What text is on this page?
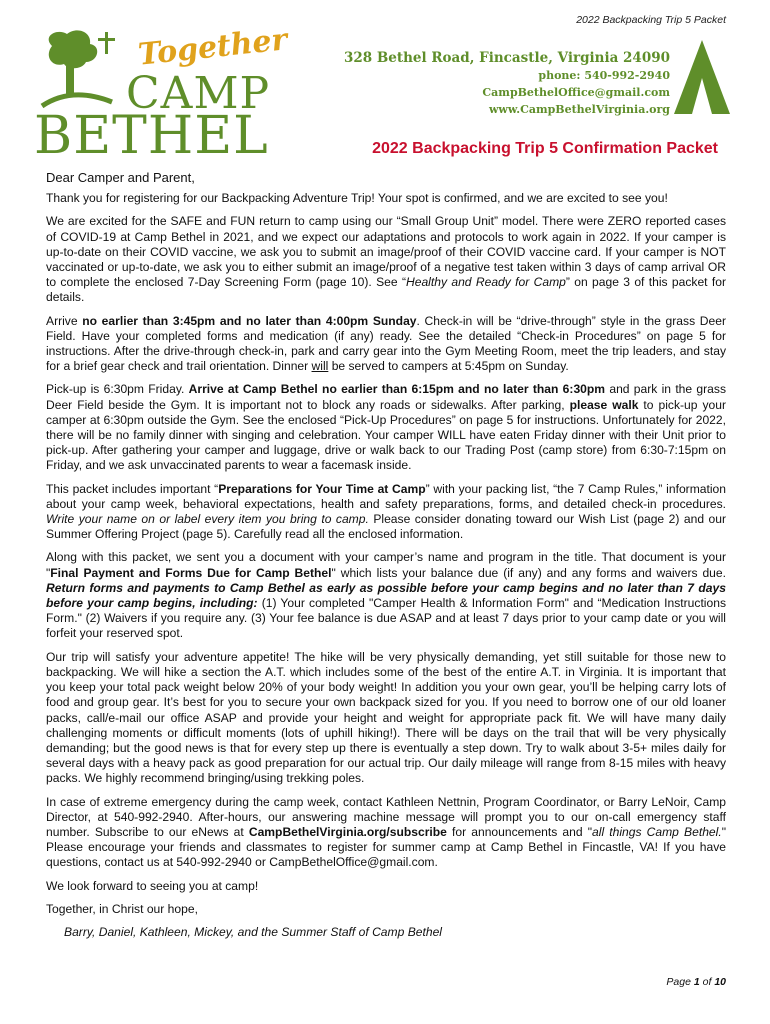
2022 Backpacking Trip 5 Packet
Together
CAMP
BETHEL
328 Bethel Road, Fincastle, Virginia 24090
phone: 540-992-2940
CampBethelOffice@gmail.com
www.CampBethelVirginia.org
2022 Backpacking Trip 5 Confirmation Packet

Dear Camper and Parent,

Thank you for registering for our Backpacking Adventure Trip! Your spot is confirmed, and we are excited to see you!

We are excited for the SAFE and FUN return to camp using our “Small Group Unit” model. There were ZERO reported cases of COVID-19 at Camp Bethel in 2021, and we expect our adaptations and protocols to work again in 2022. If your camper is up-to-date on their COVID vaccine, we ask you to submit an image/proof of their COVID vaccine card. If your camper is NOT vaccinated or up-to-date, we ask you to either submit an image/proof of a negative test taken within 3 days of camp arrival OR to complete the enclosed 7-Day Screening Form (page 10). See “Healthy and Ready for Camp” on page 3 of this packet for details.

Arrive no earlier than 3:45pm and no later than 4:00pm Sunday. Check-in will be “drive-through” style in the grass Deer Field. Have your completed forms and medication (if any) ready. See the detailed “Check-in Procedures” on page 5 for instructions. After the drive-through check-in, park and carry gear into the Gym Meeting Room, meet the trip leaders, and stay for a brief gear check and trail orientation. Dinner will be served to campers at 5:45pm on Sunday.

Pick-up is 6:30pm Friday. Arrive at Camp Bethel no earlier than 6:15pm and no later than 6:30pm and park in the grass Deer Field beside the Gym. It is important not to block any roads or sidewalks. After parking, please walk to pick-up your camper at 6:30pm outside the Gym. See the enclosed “Pick-Up Procedures” on page 5 for instructions. Unfortunately for 2022, there will be no family dinner with singing and celebration. Your camper WILL have eaten Friday dinner with their Unit prior to pick-up. After gathering your camper and luggage, drive or walk back to our Trading Post (camp store) from 6:30-7:15pm on Friday, and we ask unvaccinated parents to wear a facemask inside.

This packet includes important “Preparations for Your Time at Camp” with your packing list, “the 7 Camp Rules,” information about your camp week, behavioral expectations, health and safety preparations, forms, and detailed check-in procedures. Write your name on or label every item you bring to camp. Please consider donating toward our Wish List (page 2) and our Summer Offering Project (page 5). Carefully read all the enclosed information.

Along with this packet, we sent you a document with your camper’s name and program in the title. That document is your "Final Payment and Forms Due for Camp Bethel" which lists your balance due (if any) and any forms and waivers due. Return forms and payments to Camp Bethel as early as possible before your camp begins and no later than 7 days before your camp begins, including: (1) Your completed "Camper Health & Information Form" and “Medication Instructions Form." (2) Waivers if you require any. (3) Your fee balance is due ASAP and at least 7 days prior to your camp date or you will forfeit your reserved spot.

Our trip will satisfy your adventure appetite! The hike will be very physically demanding, yet still suitable for those new to backpacking. We will hike a section the A.T. which includes some of the best of the entire A.T. in Virginia. It is important that you keep your total pack weight below 20% of your body weight! In addition you your own gear, you’ll be helping carry lots of food and group gear. It’s best for you to secure your own backpack sized for you. If you need to borrow one of our old loaner packs, call/e-mail our office ASAP and provide your height and weight for appropriate pack fit. We will have many daily challenging moments or difficult moments (lots of uphill hiking!). There will be days on the trail that will be very physically demanding; but the good news is that for every step up there is eventually a step down. Try to walk about 3-5+ miles daily for several days with a heavy pack as good preparation for our actual trip. Our daily mileage will range from 8-15 miles with heavy packs. We highly recommend bringing/using trekking poles.

In case of extreme emergency during the camp week, contact Kathleen Nettnin, Program Coordinator, or Barry LeNoir, Camp Director, at 540-992-2940. After-hours, our answering machine message will prompt you to our on-call emergency staff number. Subscribe to our eNews at CampBethelVirginia.org/subscribe for announcements and "all things Camp Bethel." Please encourage your friends and classmates to register for summer camp at Camp Bethel in Fincastle, VA! If you have questions, contact us at 540-992-2940 or CampBethelOffice@gmail.com.

We look forward to seeing you at camp!

Together, in Christ our hope,

Barry, Daniel, Kathleen, Mickey, and the Summer Staff of Camp Bethel

Page 1 of 10
